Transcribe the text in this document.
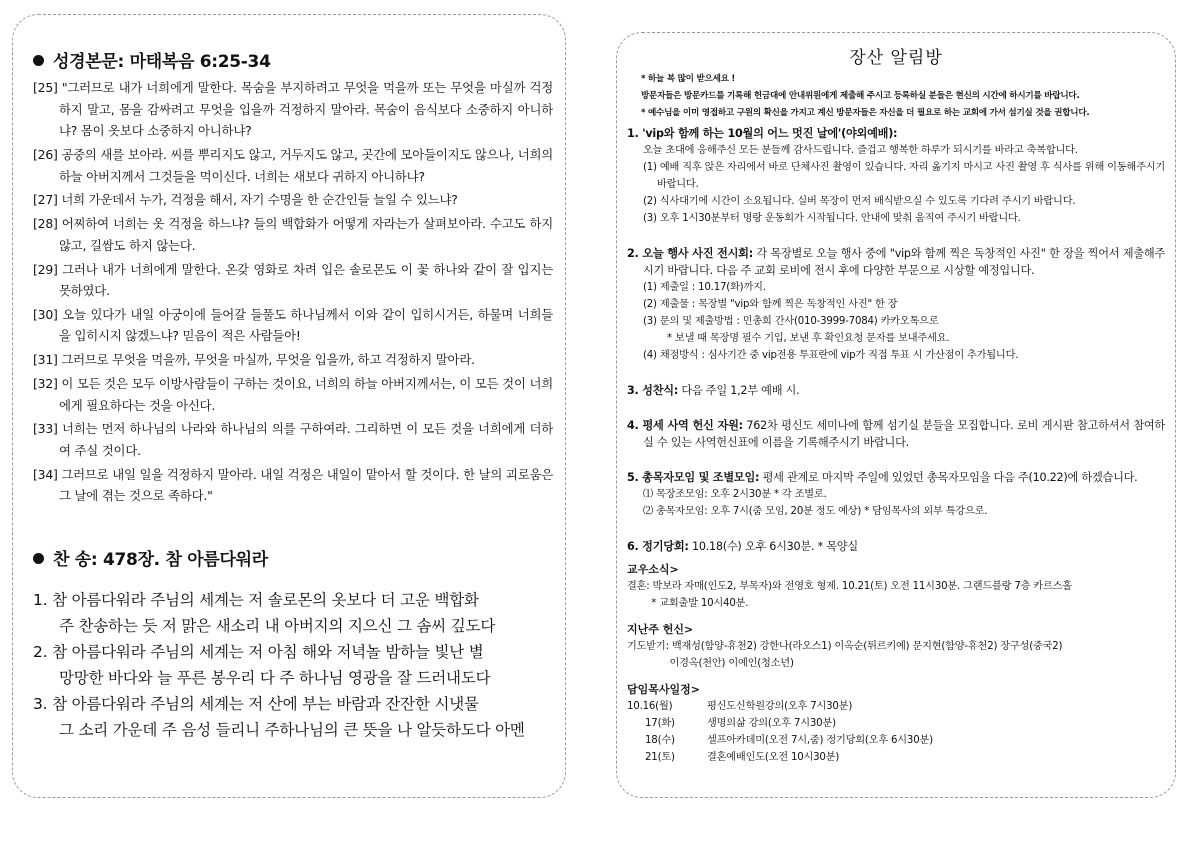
성경본문: 마태복음 6:25-34
[25] "그러므로 내가 너희에게 말한다. 목숨을 부지하려고 무엇을 먹을까 또는 무엇을 마실까 걱정하지 말고, 몸을 감싸려고 무엇을 입을까 걱정하지 말아라. 목숨이 음식보다 소중하지 아니하냐? 몸이 옷보다 소중하지 아니하냐?
[26] 공중의 새를 보아라. 씨를 뿌리지도 않고, 거두지도 않고, 곳간에 모아들이지도 않으나, 너희의 하늘 아버지께서 그것들을 먹이신다. 너희는 새보다 귀하지 아니하냐?
[27] 너희 가운데서 누가, 걱정을 해서, 자기 수명을 한 순간인들 늘일 수 있느냐?
[28] 어찌하여 너희는 옷 걱정을 하느냐? 들의 백합화가 어떻게 자라는가 살펴보아라. 수고도 하지 않고, 길쌈도 하지 않는다.
[29] 그러나 내가 너희에게 말한다. 온갖 영화로 차려 입은 솔로몬도 이 꽃 하나와 같이 잘 입지는 못하였다.
[30] 오늘 있다가 내일 아궁이에 들어갈 들풀도 하나님께서 이와 같이 입히시거든, 하물며 너희들을 입히시지 않겠느냐? 믿음이 적은 사람들아!
[31] 그러므로 무엇을 먹을까, 무엇을 마실까, 무엇을 입을까, 하고 걱정하지 말아라.
[32] 이 모든 것은 모두 이방사람들이 구하는 것이요, 너희의 하늘 아버지께서는, 이 모든 것이 너희에게 필요하다는 것을 아신다.
[33] 너희는 먼저 하나님의 나라와 하나님의 의를 구하여라. 그리하면 이 모든 것을 너희에게 더하여 주실 것이다.
[34] 그러므로 내일 일을 걱정하지 말아라. 내일 걱정은 내일이 맡아서 할 것이다. 한 날의 괴로움은 그 날에 겪는 것으로 족하다."
찬 송: 478장. 참 아름다워라
1. 참 아름다워라 주님의 세계는 저 솔로몬의 옷보다 더 고운 백합화
주 찬송하는 듯 저 맑은 새소리 내 아버지의 지으신 그 솜씨 깊도다
2. 참 아름다워라 주님의 세계는 저 아침 해와 저녁놀 밤하늘 빛난 별
망망한 바다와 늘 푸른 봉우리 다 주 하나님 영광을 잘 드러내도다
3. 참 아름다워라 주님의 세계는 저 산에 부는 바람과 잔잔한 시냇물
그 소리 가운데 주 음성 들리니 주하나님의 큰 뜻을 나 알듯하도다 아멘
장산 알림방
* 하늘 복 많이 받으세요 !
방문자들은 방문카드를 기록해 헌금대에 안내위원에게 제출해 주시고 등록하실 분들은 현신의 시간에 하시기를 바랍니다.
* 예수님을 이미 영접하고 구원의 확신을 가지고 계신 방문자들은 자신을 더 필요로 하는 교회에 가서 섬기실 것을 권합니다.
1. 'vip와 함께 하는 10월의 어느 멋진 날에'(야외예배):
오늘 초대에 응해주신 모든 분들께 감사드립니다. 즐겁고 행복한 하루가 되시기를 바라고 축복합니다.
(1) 예배 직후 앉은 자리에서 바로 단체사진 촬영이 있습니다. 자리 옮기지 마시고 사진 촬영 후 식사를 위해 이동해주시기 바랍니다.
(2) 식사대기에 시간이 소요됩니다. 실버 목장이 먼저 배식받으실 수 있도록 기다려 주시기 바랍니다.
(3) 오후 1시30분부터 명랑 운동회가 시작됩니다. 안내에 맞춰 움직여 주시기 바랍니다.
2. 오늘 행사 사진 전시회: 각 목장별로 오늘 행사 중에 "vip와 함께 찍은 독창적인 사진" 한 장을 찍어서 제출해주시기 바랍니다. 다음 주 교회 로비에 전시 후에 다양한 부문으로 시상할 예정입니다.
(1) 제출일 : 10.17(화)까지.
(2) 제출물 : 목장별 "vip와 함께 찍은 독창적인 사진" 한 장
(3) 문의 및 제출방법 : 민총희 간사(010-3999-7084) 카카오톡으로
* 보낼 때 목장명 필수 기입, 보낸 후 확인요청 문자를 보내주세요.
(4) 채점방식 : 심사기간 중 vip전용 투표란에 vip가 직접 투표 시 가산점이 추가됩니다.
3. 성찬식: 다음 주일 1,2부 예배 시.
4. 평세 사역 헌신 자원: 762차 평신도 세미나에 함께 섬기실 분들을 모집합니다. 로비 게시판 참고하셔서 참여하실 수 있는 사역헌신표에 이름을 기록해주시기 바랍니다.
5. 총목자모임 및 조별모임: 평세 관계로 마지막 주일에 있었던 총목자모임을 다음 주(10.22)에 하겠습니다.
⑴ 목장조모임: 오후 2시30분 * 각 조별로.
⑵ 총목자모임: 오후 7시(줌 모임, 20분 정도 예상) * 담임목사의 외부 특강으로.
6. 정기당회: 10.18(수) 오후 6시30분. * 목양실
교우소식>
결혼: 박보라 자매(인도2, 부목자)와 전영호 형제. 10.21(토) 오전 11시30분. 그랜드블랑 7층 카르스홀
* 교회출발 10시40분.
지난주 헌신>
기도받기: 백재성(함양-휴천2) 강한나(라오스1) 이옥순(튀르키예) 문지현(함양-휴천2) 장구성(중국2)
이경옥(천안) 이예인(청소년)
담임목사일정>
10.16(월)	평신도신학원강의(오후 7시30분)
17(화)	생명의삶 강의(오후 7시30분)
18(수)	셀프아카데미(오전 7시,줌) 정기당회(오후 6시30분)
21(토)	결혼예배인도(오전 10시30분)
